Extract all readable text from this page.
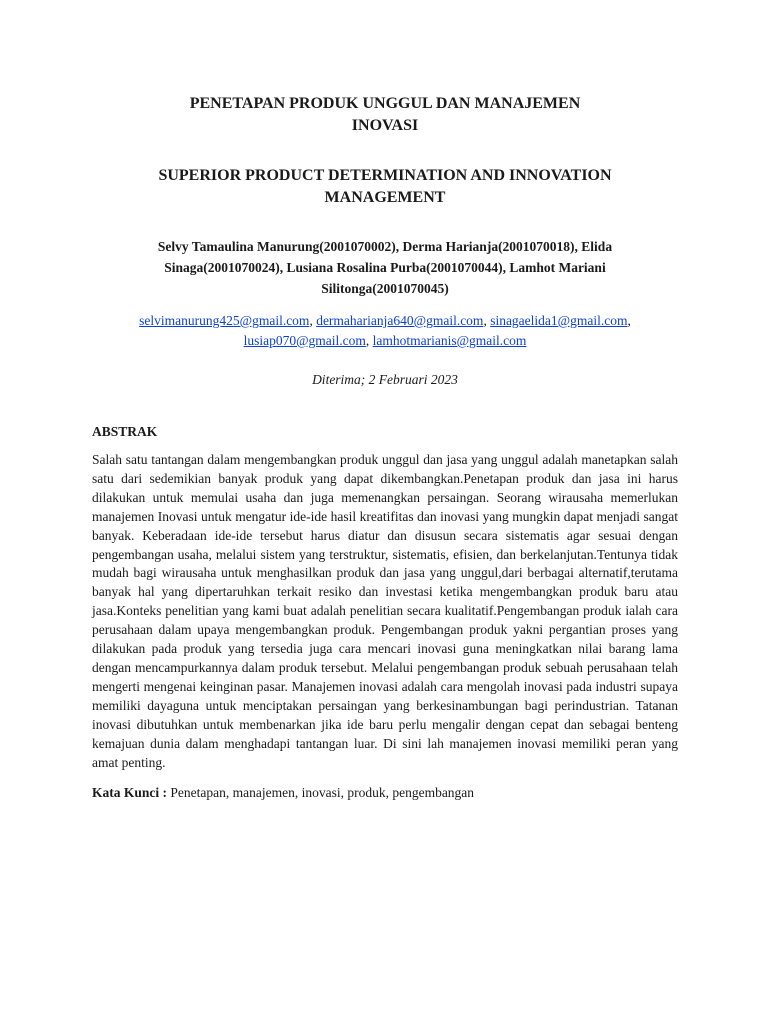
PENETAPAN PRODUK UNGGUL DAN MANAJEMEN
INOVASI
SUPERIOR PRODUCT DETERMINATION AND INNOVATION
MANAGEMENT
Selvy Tamaulina Manurung(2001070002), Derma Harianja(2001070018), Elida
Sinaga(2001070024), Lusiana Rosalina Purba(2001070044), Lamhot Mariani
Silitonga(2001070045)
selvimanurung425@gmail.com, dermaharianja640@gmail.com, sinagaelida1@gmail.com,
lusiap070@gmail.com, lamhotmarianis@gmail.com
Diterima; 2 Februari 2023
ABSTRAK
Salah satu tantangan dalam mengembangkan produk unggul dan jasa yang unggul adalah manetapkan salah satu dari sedemikian banyak produk yang dapat dikembangkan.Penetapan produk dan jasa ini harus dilakukan untuk memulai usaha dan juga memenangkan persaingan. Seorang wirausaha memerlukan manajemen Inovasi untuk mengatur ide-ide hasil kreatifitas dan inovasi yang mungkin dapat menjadi sangat banyak. Keberadaan ide-ide tersebut harus diatur dan disusun secara sistematis agar sesuai dengan pengembangan usaha, melalui sistem yang terstruktur, sistematis, efisien, dan berkelanjutan.Tentunya tidak mudah bagi wirausaha untuk menghasilkan produk dan jasa yang unggul,dari berbagai alternatif,terutama banyak hal yang dipertaruhkan terkait resiko dan investasi ketika mengembangkan produk baru atau jasa.Konteks penelitian yang kami buat adalah penelitian secara kualitatif.Pengembangan produk ialah cara perusahaan dalam upaya mengembangkan produk. Pengembangan produk yakni pergantian proses yang dilakukan pada produk yang tersedia juga cara mencari inovasi guna meningkatkan nilai barang lama dengan mencampurkannya dalam produk tersebut. Melalui pengembangan produk sebuah perusahaan telah mengerti mengenai keinginan pasar. Manajemen inovasi adalah cara mengolah inovasi pada industri supaya memiliki dayaguna untuk menciptakan persaingan yang berkesinambungan bagi perindustrian. Tatanan inovasi dibutuhkan untuk membenarkan jika ide baru perlu mengalir dengan cepat dan sebagai benteng kemajuan dunia dalam menghadapi tantangan luar. Di sini lah manajemen inovasi memiliki peran yang amat penting.
Kata Kunci : Penetapan, manajemen, inovasi, produk, pengembangan
